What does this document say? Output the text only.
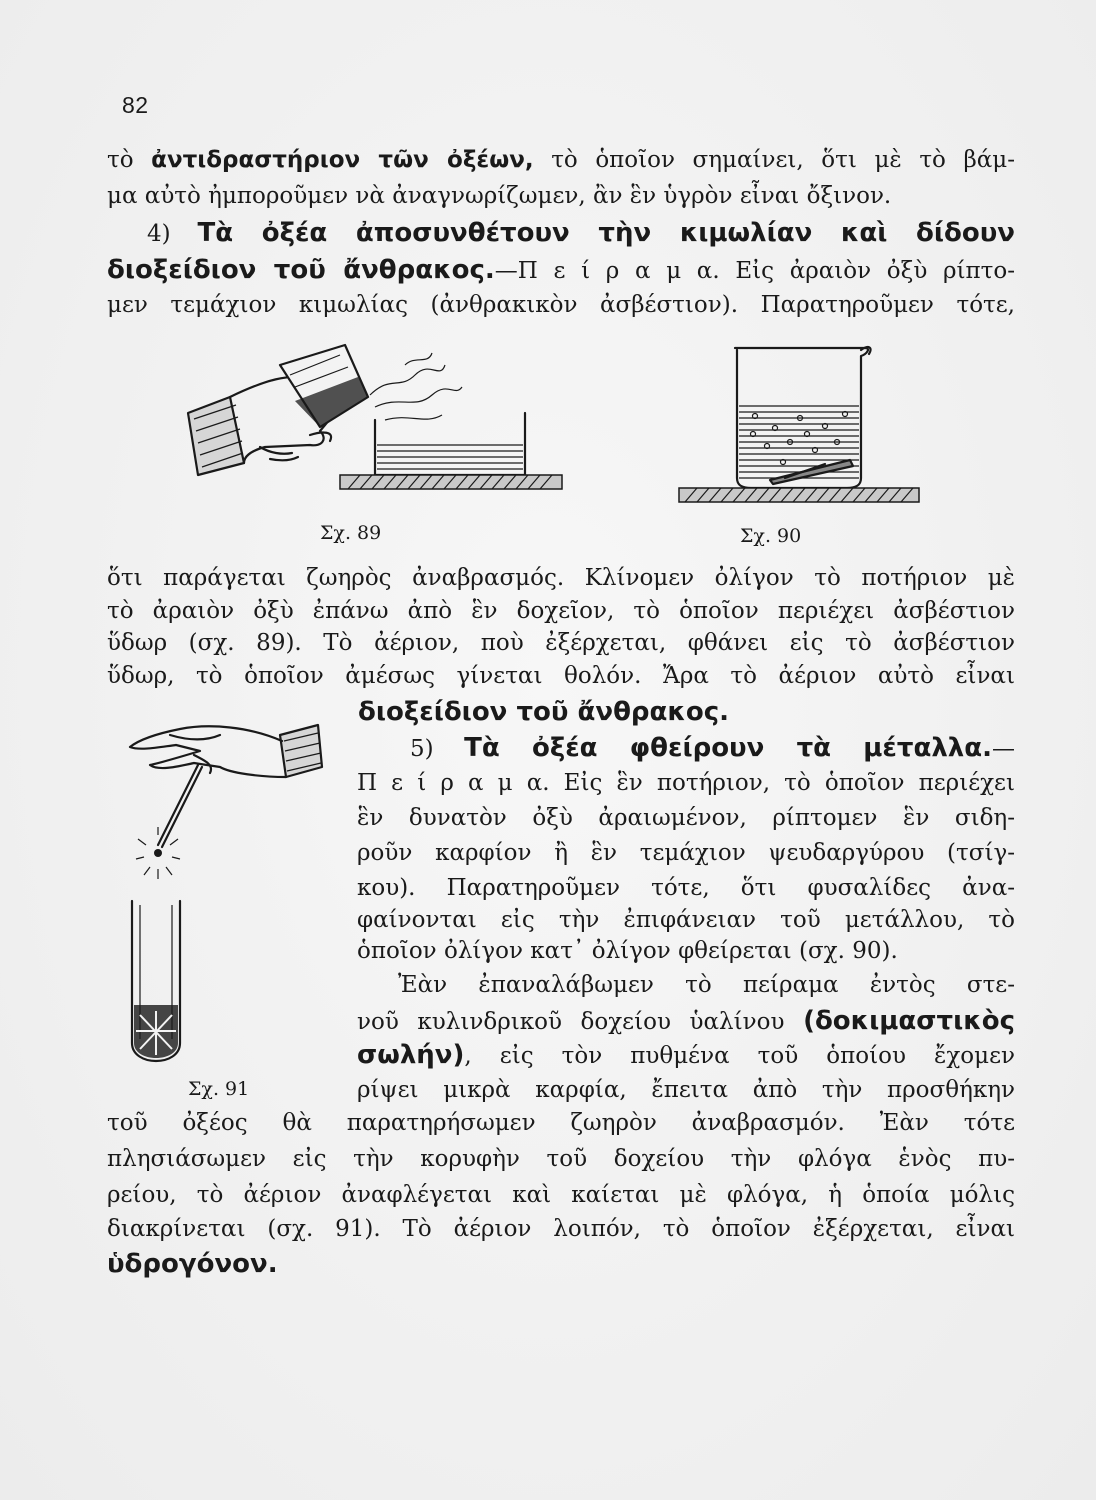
82
τὸ ἀντιδραστήριον τῶν ὀξέων, τὸ ὁποῖον σημαίνει, ὅτι μὲ τὸ βάμ-
μα αὐτὸ ἠμποροῦμεν νὰ ἀναγνωρίζωμεν, ἂν ἓν ὑγρὸν εἶναι ὄξινον.
4) Τὰ ὀξέα ἀποσυνθέτουν τὴν κιμωλίαν καὶ δίδουν
διοξείδιον τοῦ ἄνθρακος.—Π ε ί ρ α μ α. Εἰς ἀραιὸν ὀξὺ ρίπτο-
μεν τεμάχιον κιμωλίας (ἀνθρακικὸν ἀσβέστιον). Παρατηροῦμεν τότε,
Σχ. 89	Σχ. 90
ὅτι παράγεται ζωηρὸς ἀναβρασμός. Κλίνομεν ὀλίγον τὸ ποτήριον μὲ
τὸ ἀραιὸν ὀξὺ ἐπάνω ἀπὸ ἓν δοχεῖον, τὸ ὁποῖον περιέχει ἀσβέστιον
ὕδωρ (σχ. 89). Τὸ ἀέριον, ποὺ ἐξέρχεται, φθάνει εἰς τὸ ἀσβέστιον
ὕδωρ, τὸ ὁποῖον ἀμέσως γίνεται θολόν. Ἄρα τὸ ἀέριον αὐτὸ εἶναι
διοξείδιον τοῦ ἄνθρακος.
5) Τὰ ὀξέα φθείρουν τὰ μέταλλα.—
Π ε ί ρ α μ α. Εἰς ἓν ποτήριον, τὸ ὁποῖον περιέχει
ἓν δυνατὸν ὀξὺ ἀραιωμένον, ρίπτομεν ἓν σιδη-
ροῦν καρφίον ἢ ἓν τεμάχιον ψευδαργύρου (τσίγ-
κου). Παρατηροῦμεν τότε, ὅτι φυσαλίδες ἀνα-
φαίνονται εἰς τὴν ἐπιφάνειαν τοῦ μετάλλου, τὸ
ὁποῖον ὀλίγον κατ᾿ ὀλίγον φθείρεται (σχ. 90).
Ἐὰν ἐπαναλάβωμεν τὸ πείραμα ἐντὸς στε-
νοῦ κυλινδρικοῦ δοχείου ὑαλίνου (δοκιμαστικὸς
σωλήν), εἰς τὸν πυθμένα τοῦ ὁποίου ἔχομεν
Σχ. 91	ρίψει μικρὰ καρφία, ἔπειτα ἀπὸ τὴν προσθήκην
τοῦ ὀξέος θὰ παρατηρήσωμεν ζωηρὸν ἀναβρασμόν. Ἐὰν τότε
πλησιάσωμεν εἰς τὴν κορυφὴν τοῦ δοχείου τὴν φλόγα ἑνὸς πυ-
ρείου, τὸ ἀέριον ἀναφλέγεται καὶ καίεται μὲ φλόγα, ἡ ὁποία μόλις
διακρίνεται (σχ. 91). Τὸ ἀέριον λοιπόν, τὸ ὁποῖον ἐξέρχεται, εἶναι
ὑδρογόνον.
